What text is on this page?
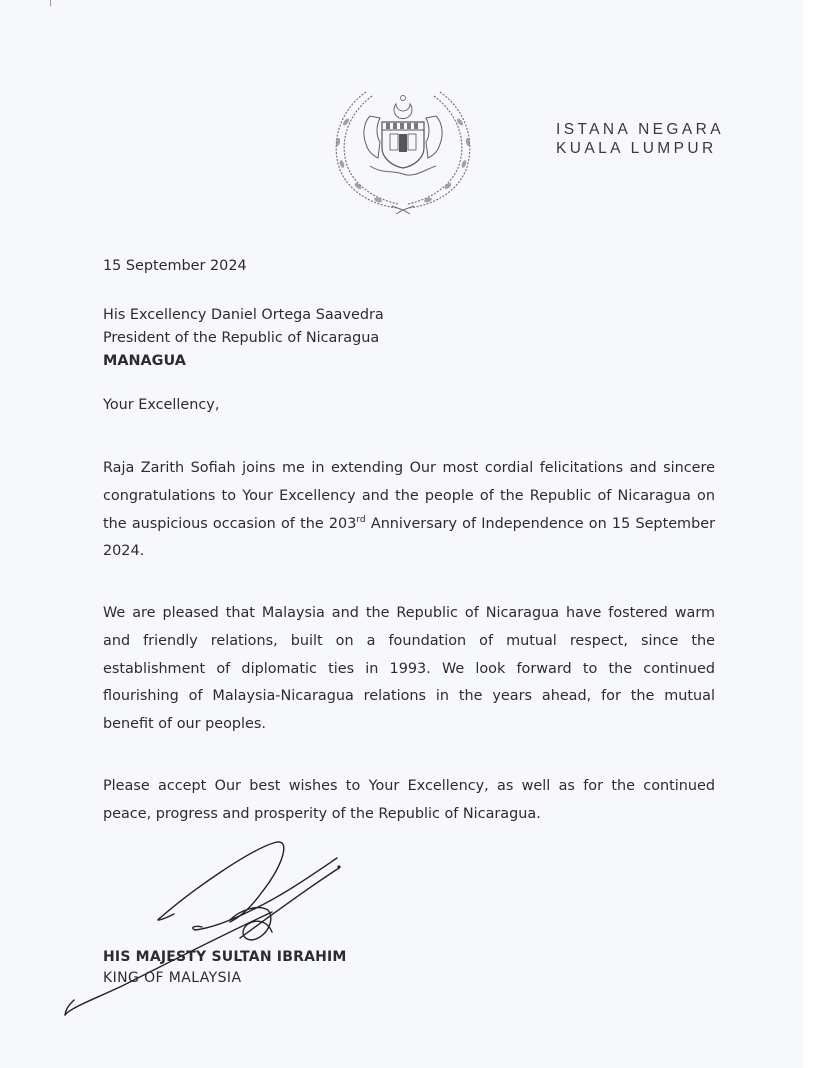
ISTANA NEGARA
KUALA LUMPUR
15 September 2024
His Excellency Daniel Ortega Saavedra
President of the Republic of Nicaragua
MANAGUA
Your Excellency,
Raja Zarith Sofiah joins me in extending Our most cordial felicitations and sincere congratulations to Your Excellency and the people of the Republic of Nicaragua on the auspicious occasion of the 203rd Anniversary of Independence on 15 September 2024.
We are pleased that Malaysia and the Republic of Nicaragua have fostered warm and friendly relations, built on a foundation of mutual respect, since the establishment of diplomatic ties in 1993. We look forward to the continued flourishing of Malaysia-Nicaragua relations in the years ahead, for the mutual benefit of our peoples.
Please accept Our best wishes to Your Excellency, as well as for the continued peace, progress and prosperity of the Republic of Nicaragua.
HIS MAJESTY SULTAN IBRAHIM
KING OF MALAYSIA
